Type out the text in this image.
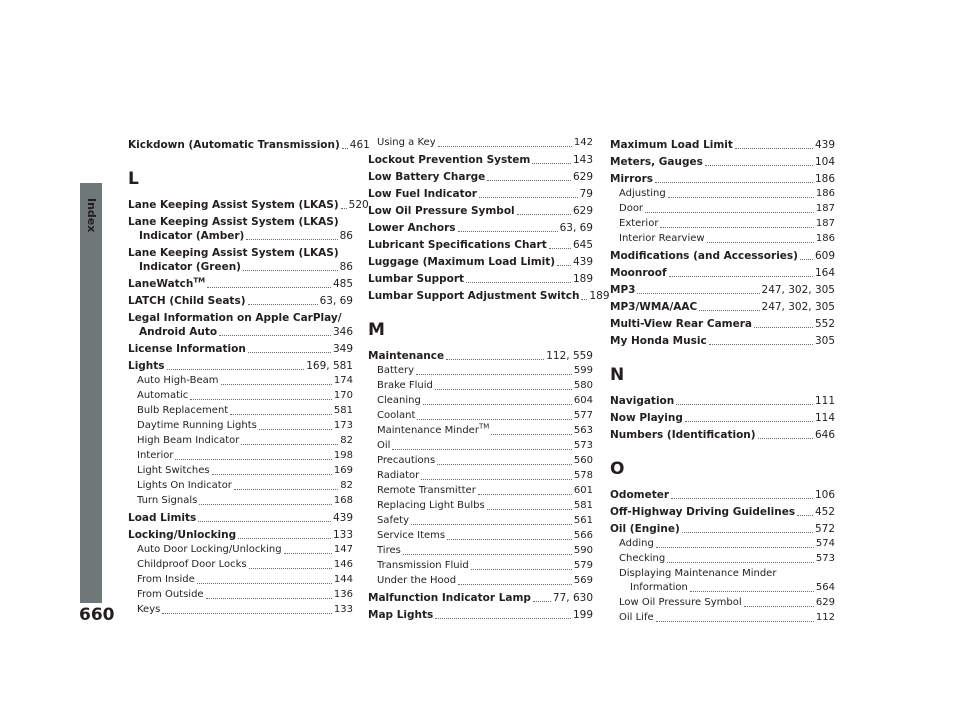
Index
660
Kickdown (Automatic Transmission) 461
L
Lane Keeping Assist System (LKAS) 520
Lane Keeping Assist System (LKAS)
Indicator (Amber)	86
Lane Keeping Assist System (LKAS)
Indicator (Green)	86
LaneWatch™	485
LATCH (Child Seats)	63, 69
Legal Information on Apple CarPlay/
Android Auto	346
License Information	349
Lights	169, 581
Auto High-Beam	174
Automatic	170
Bulb Replacement	581
Daytime Running Lights	173
High Beam Indicator	82
Interior	198
Light Switches	169
Lights On Indicator	82
Turn Signals	168
Load Limits	439
Locking/Unlocking	133
Auto Door Locking/Unlocking	147
Childproof Door Locks	146
From Inside	144
From Outside	136
Keys	133
Using a Key	142
Lockout Prevention System	143
Low Battery Charge	629
Low Fuel Indicator	79
Low Oil Pressure Symbol	629
Lower Anchors	63, 69
Lubricant Specifications Chart 645
Luggage (Maximum Load Limit) 439
Lumbar Support	189
Lumbar Support Adjustment Switch 189
M
Maintenance	112, 559
Battery	599
Brake Fluid	580
Cleaning	604
Coolant	577
Maintenance Minder™	563
Oil	573
Precautions	560
Radiator	578
Remote Transmitter	601
Replacing Light Bulbs	581
Safety	561
Service Items	566
Tires	590
Transmission Fluid	579
Under the Hood	569
Malfunction Indicator Lamp 77, 630
Map Lights	199
Maximum Load Limit	439
Meters, Gauges	104
Mirrors	186
Adjusting	186
Door	187
Exterior	187
Interior Rearview	186
Modifications (and Accessories) 609
Moonroof	164
MP3	247, 302, 305
MP3/WMA/AAC	247, 302, 305
Multi-View Rear Camera	552
My Honda Music	305
N
Navigation	111
Now Playing	114
Numbers (Identification)	646
O
Odometer	106
Off-Highway Driving Guidelines 452
Oil (Engine)	572
Adding	574
Checking	573
Displaying Maintenance Minder
Information	564
Low Oil Pressure Symbol	629
Oil Life	112
